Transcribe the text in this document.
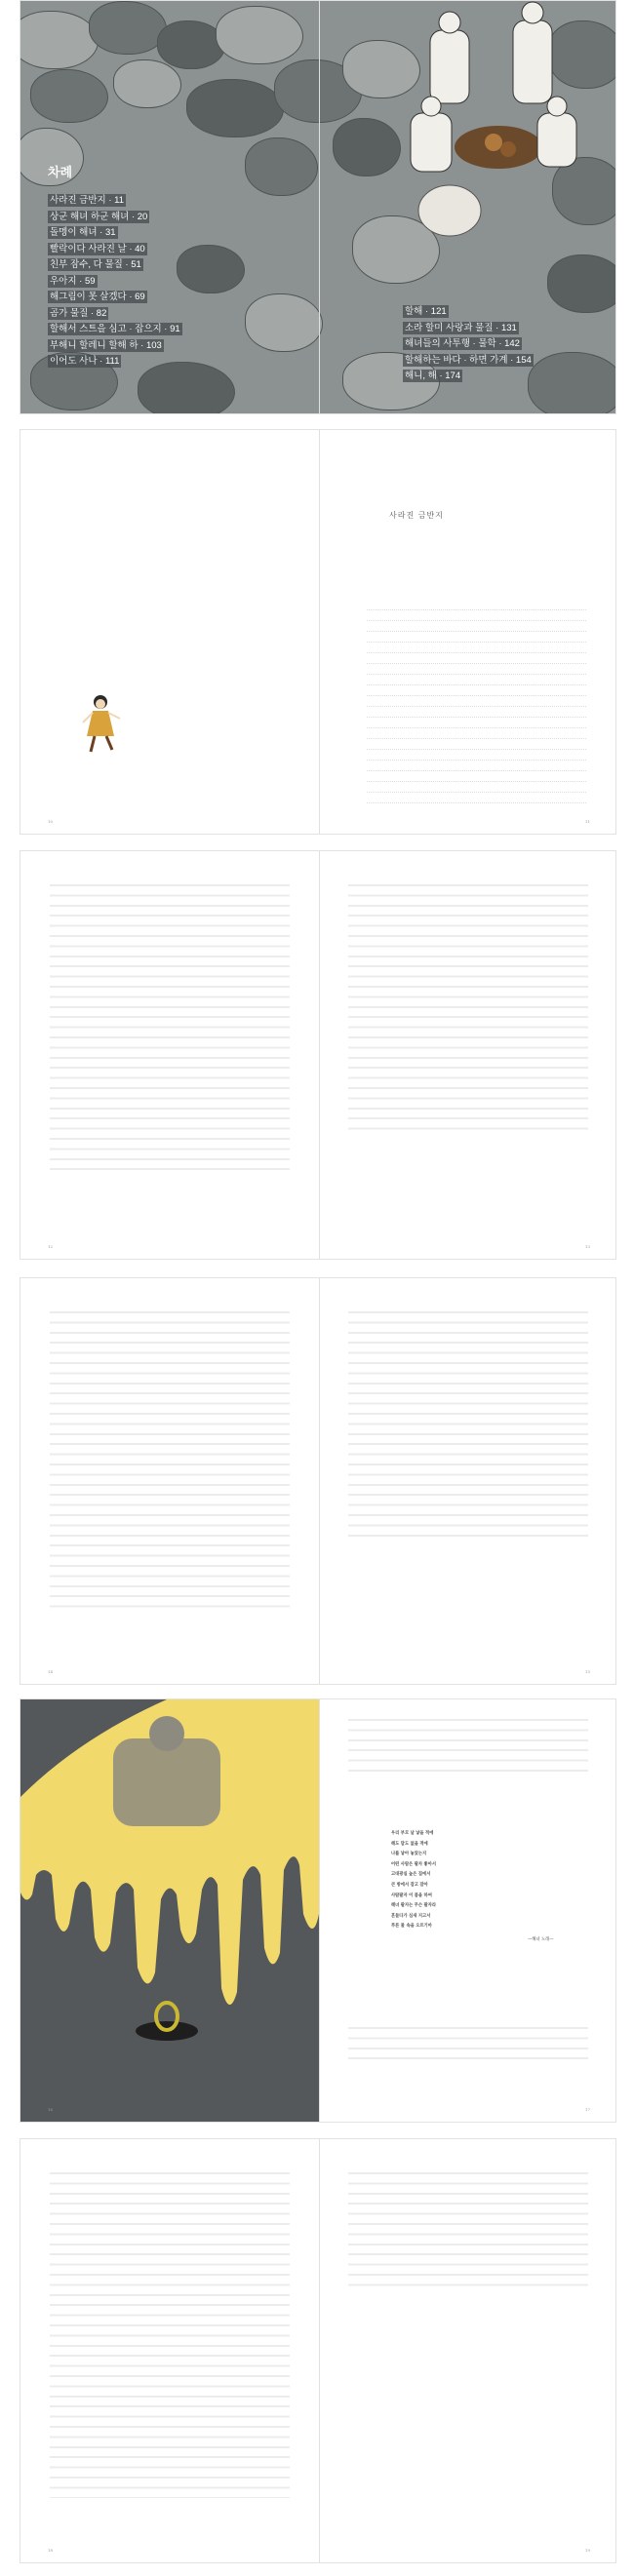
차례
사라진 금반지 · 11
상군 해녀 하군 해녀 · 20
돌멩이 해녀 · 31
빨락이다 사라진 날 · 40
친부 잠수, 다 물질 · 51
우아지 · 59
해그림이 못 살겠다 · 69
곰가 물질 · 82
할해서 스트을 심고 · 잡으지 · 91
부해니 할레니 할해 하 · 103
이어도 사나 · 111
할해 · 121
소라 할미 사랑과 물질 · 131
해녀들의 사투행 · 물학 · 142
할해하는 바다 · 하면 가계 · 154
해니, 해 · 174
10	11
사라진 금반지
12	13
14	15
16	17
우리 부모 날 낳을 적에
해도 달도 없을 적에
나를 낳아 놓았는지
어떤 사람은 팔자 좋아서
고대광실 높은 집에서
큰 방에서 잠고 잠아
사람팔자 이 품을 하여
해녀 팔자는 무슨 팔자라
흔들다가 심새 지고서
푸른 물 속을 오르기마
—해녀 노래—
18	19
